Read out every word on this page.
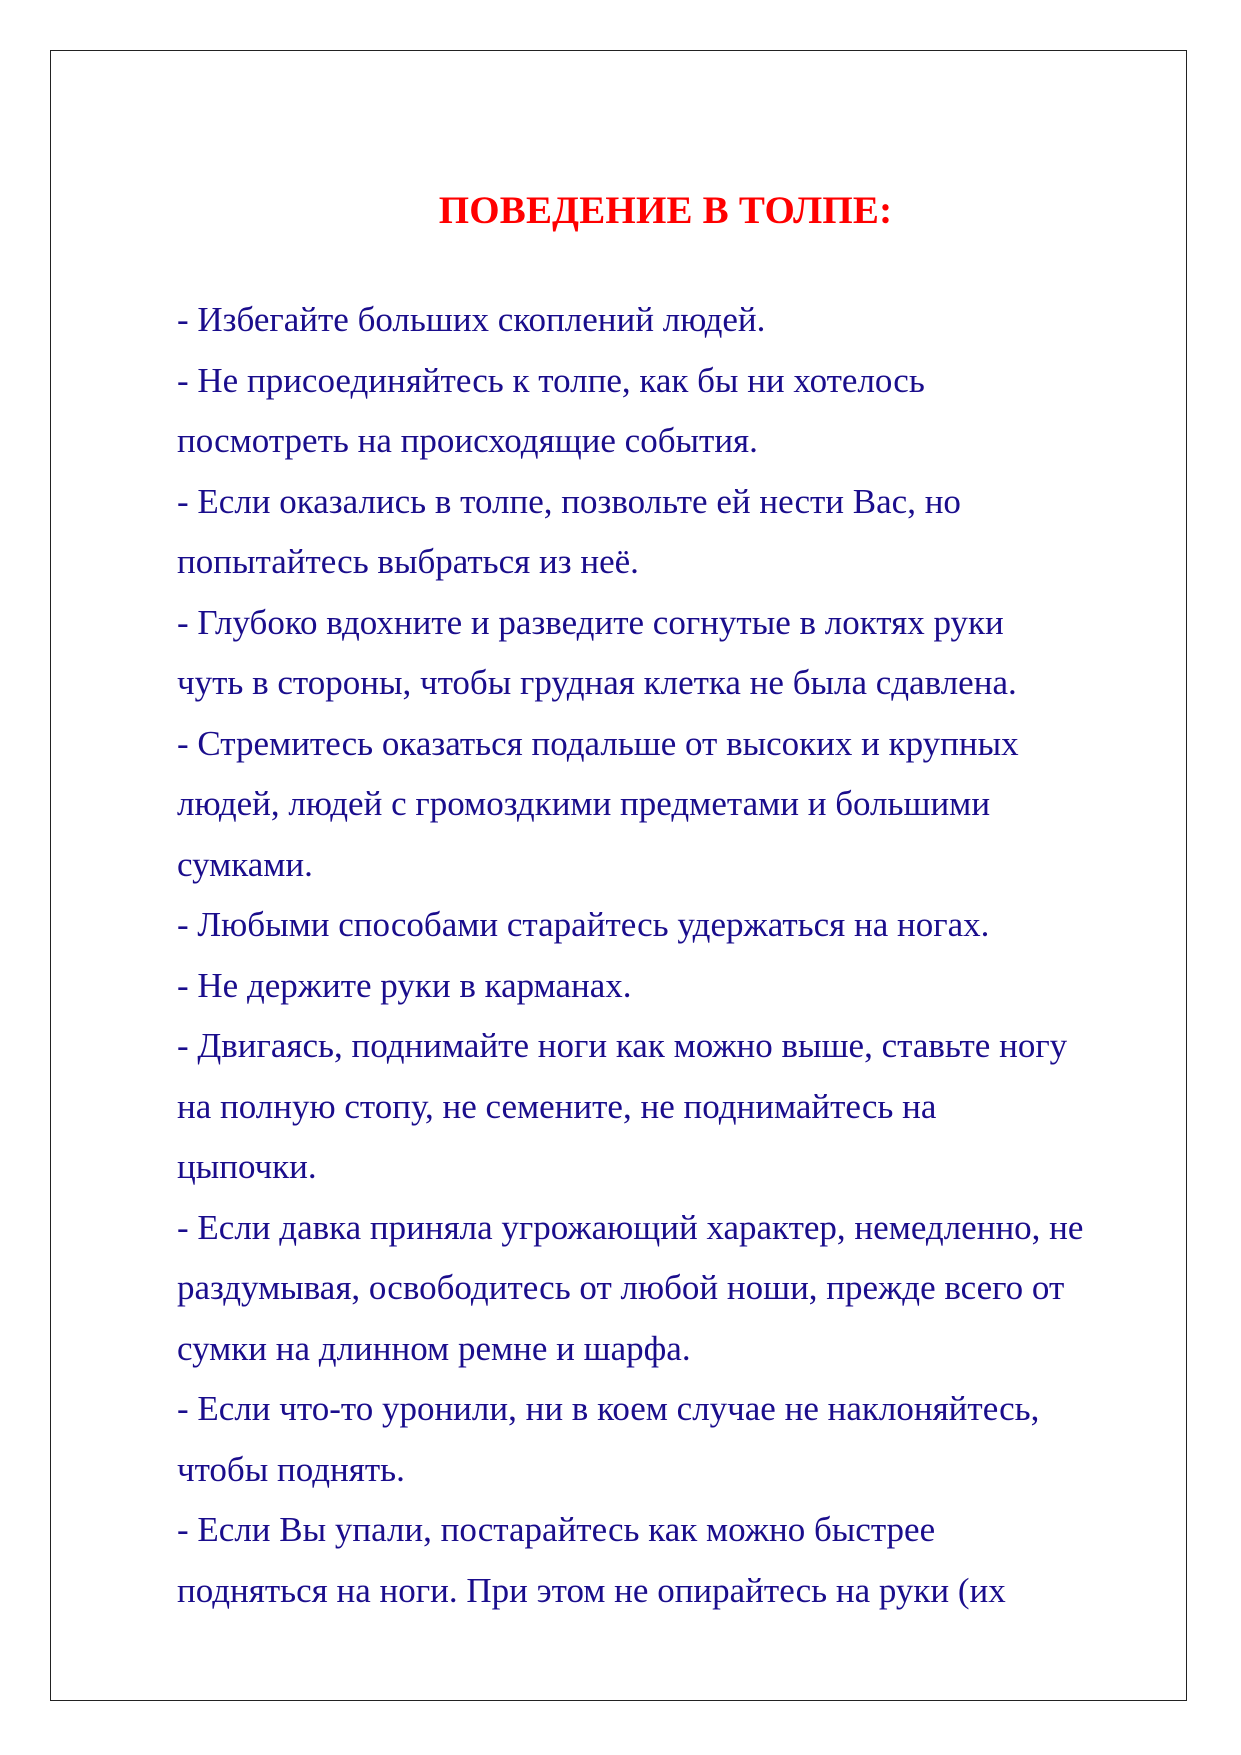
ПОВЕДЕНИЕ В ТОЛПЕ:
- Избегайте больших скоплений людей.
- Не присоединяйтесь к толпе, как бы ни хотелось
посмотреть на происходящие события.
- Если оказались в толпе, позвольте ей нести Вас, но
попытайтесь выбраться из неё.
- Глубоко вдохните и разведите согнутые в локтях руки
чуть в стороны, чтобы грудная клетка не была сдавлена.
- Стремитесь оказаться подальше от высоких и крупных
людей, людей с громоздкими предметами и большими
сумками.
- Любыми способами старайтесь удержаться на ногах.
- Не держите руки в карманах.
- Двигаясь, поднимайте ноги как можно выше, ставьте ногу
на полную стопу, не семените, не поднимайтесь на
цыпочки.
- Если давка приняла угрожающий характер, немедленно, не
раздумывая, освободитесь от любой ноши, прежде всего от
сумки на длинном ремне и шарфа.
- Если что-то уронили, ни в коем случае не наклоняйтесь,
чтобы поднять.
- Если Вы упали, постарайтесь как можно быстрее
подняться на ноги. При этом не опирайтесь на руки (их
